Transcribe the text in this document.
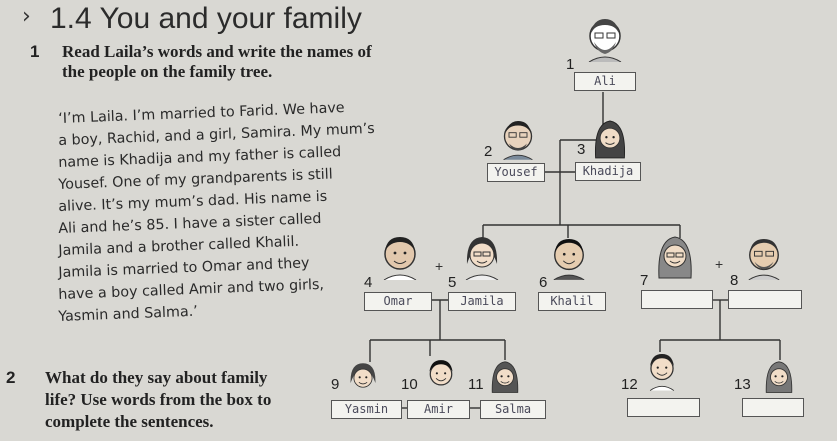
› 1.4 You and your family
1 Read Laila’s words and write the names of
the people on the family tree.
‘I’m Laila. I’m married to Farid. We have
a boy, Rachid, and a girl, Samira. My mum’s
name is Khadija and my father is called
Yousef. One of my grandparents is still
alive. It’s my mum’s dad. His name is
Ali and he’s 85. I have a sister called
Jamila and a brother called Khalil.
Jamila is married to Omar and they
have a boy called Amir and two girls,
Yasmin and Salma.’
2 What do they say about family
life? Use words from the box to
complete the sentences.
1
2	3
4	5	6	7	8
9	10	11	12	13
+	+
Ali
Yousef	Khadija
Omar	Jamila	Khalil
Yasmin	Amir	Salma
